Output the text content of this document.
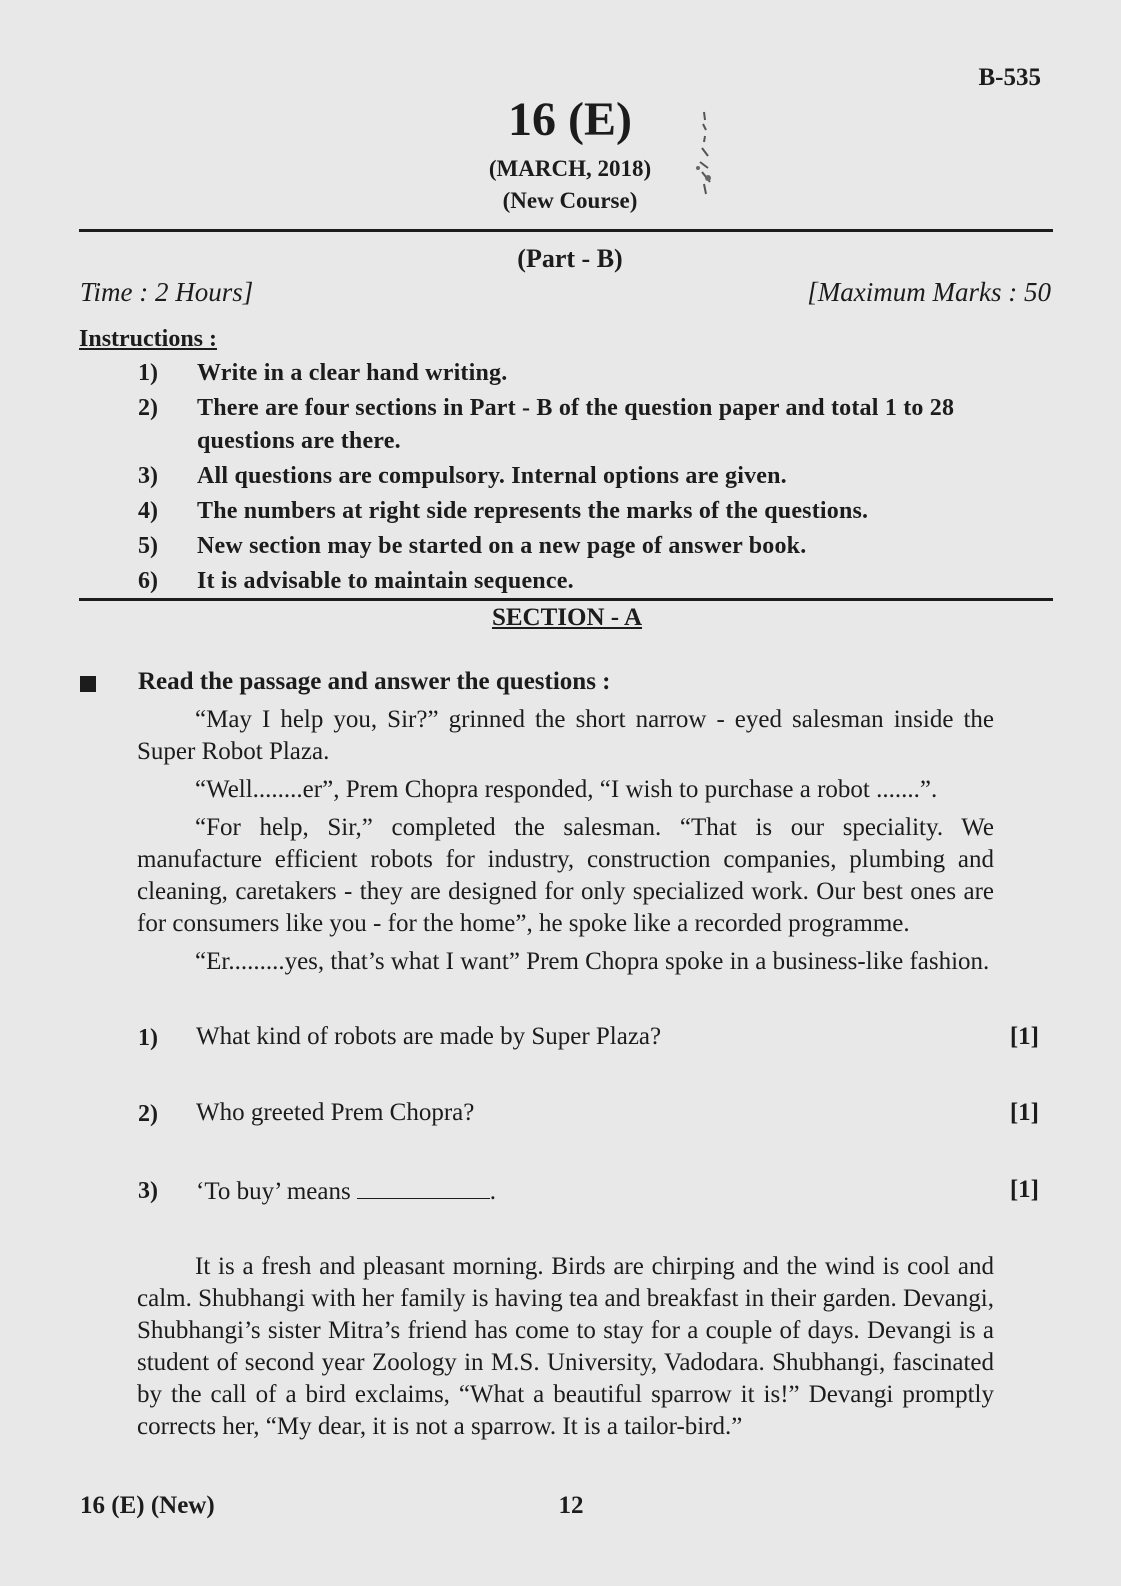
B-535
16 (E)
(MARCH, 2018)
(New Course)
(Part - B)
Time : 2 Hours]	[Maximum Marks : 50
Instructions :
1) Write in a clear hand writing.
2) There are four sections in Part - B of the question paper and total 1 to 28 questions are there.
3) All questions are compulsory. Internal options are given.
4) The numbers at right side represents the marks of the questions.
5) New section may be started on a new page of answer book.
6) It is advisable to maintain sequence.
SECTION - A
Read the passage and answer the questions :
“May I help you, Sir?” grinned the short narrow - eyed salesman inside the Super Robot Plaza.
“Well........er”, Prem Chopra responded, “I wish to purchase a robot .......”.
“For help, Sir,” completed the salesman. “That is our speciality. We manufacture efficient robots for industry, construction companies, plumbing and cleaning, caretakers - they are designed for only specialized work. Our best ones are for consumers like you - for the home”, he spoke like a recorded programme.
“Er.........yes, that’s what I want” Prem Chopra spoke in a business-like fashion.
1) What kind of robots are made by Super Plaza?	[1]
2) Who greeted Prem Chopra?	[1]
3) ‘To buy’ means	.	[1]
It is a fresh and pleasant morning. Birds are chirping and the wind is cool and calm. Shubhangi with her family is having tea and breakfast in their garden. Devangi, Shubhangi’s sister Mitra’s friend has come to stay for a couple of days. Devangi is a student of second year Zoology in M.S. University, Vadodara. Shubhangi, fascinated by the call of a bird exclaims, “What a beautiful sparrow it is!” Devangi promptly corrects her, “My dear, it is not a sparrow. It is a tailor-bird.”
16 (E) (New)	12
